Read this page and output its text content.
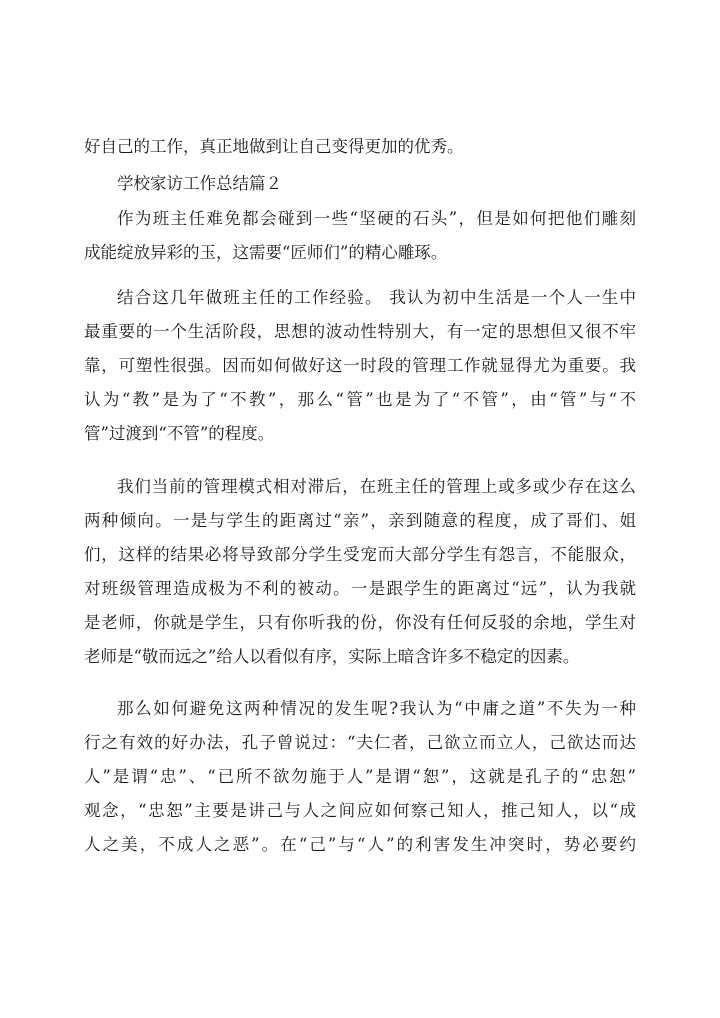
好自己的工作，真正地做到让自己变得更加的优秀。
学校家访工作总结篇２
作为班主任难免都会碰到一些“坚硬的石头”，但是如何把他们雕刻
成能绽放异彩的玉，这需要“匠师们”的精心雕琢。
结合这几年做班主任的工作经验。 我认为初中生活是一个人一生中
最重要的一个生活阶段，思想的波动性特别大，有一定的思想但又很不牢
靠，可塑性很强。因而如何做好这一时段的管理工作就显得尤为重要。我
认为“教”是为了“不教”，那么“管”也是为了“不管”，由“管”与“不
管”过渡到“不管”的程度。
我们当前的管理模式相对滞后，在班主任的管理上或多或少存在这么
两种倾向。一是与学生的距离过“亲”，亲到随意的程度，成了哥们、姐
们，这样的结果必将导致部分学生受宠而大部分学生有怨言，不能服众，
对班级管理造成极为不利的被动。一是跟学生的距离过“远”，认为我就
是老师，你就是学生，只有你听我的份，你没有任何反驳的余地，学生对
老师是“敬而远之”给人以看似有序，实际上暗含许多不稳定的因素。
那么如何避免这两种情况的发生呢?我认为“中庸之道”不失为一种
行之有效的好办法，孔子曾说过：“夫仁者，己欲立而立人，己欲达而达
人”是谓“忠”、“已所不欲勿施于人”是谓“恕”，这就是孔子的“忠恕”
观念，“忠恕”主要是讲己与人之间应如何察己知人，推己知人，以“成
人之美，不成人之恶”。在“己”与“人”的利害发生冲突时，势必要约
